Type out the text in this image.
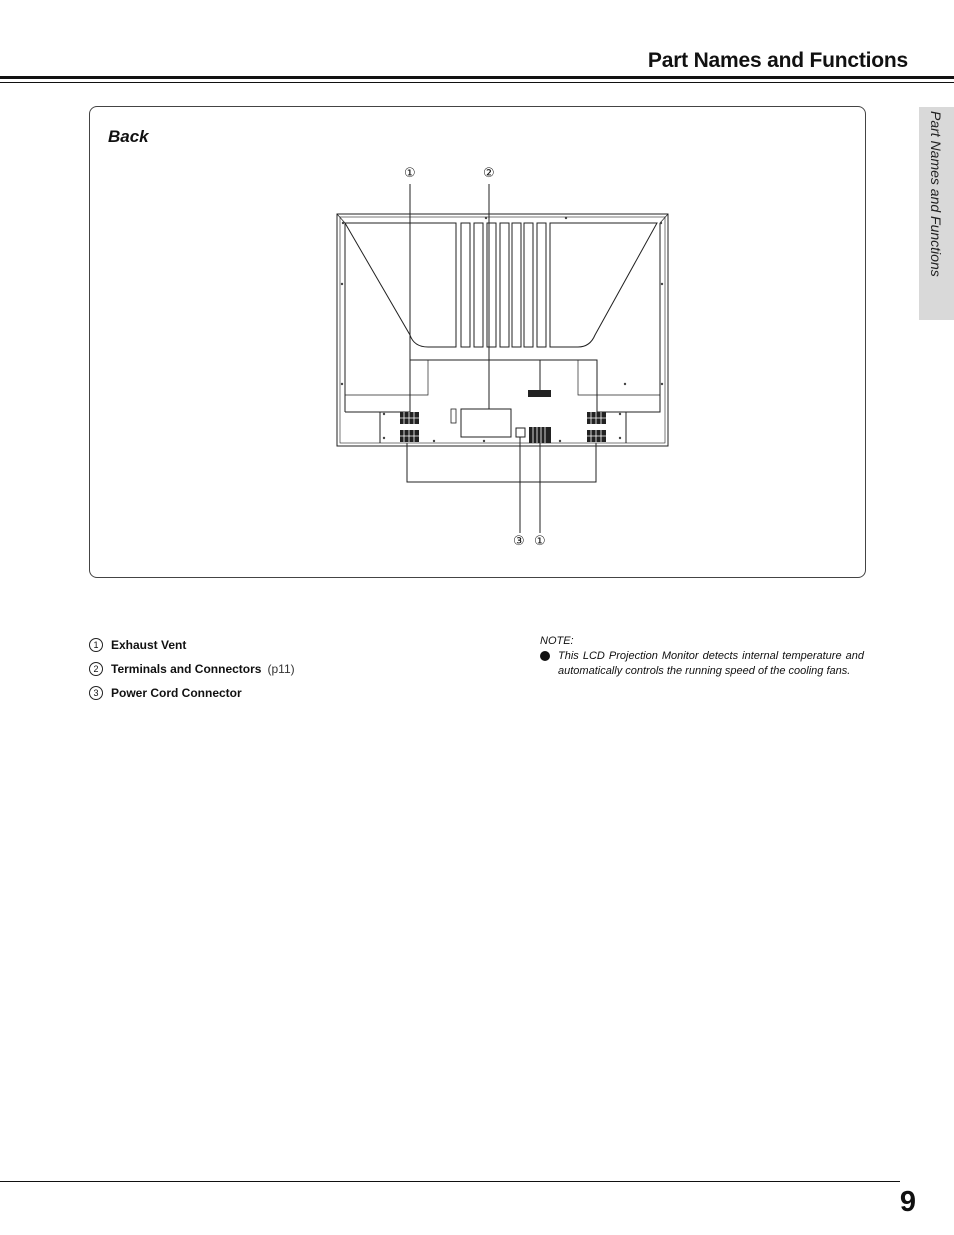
Part Names and Functions
Part Names and Functions
Back
①	②
③ ①
1 Exhaust Vent
2 Terminals and Connectors (p11)
3 Power Cord Connector
NOTE:
This LCD Projection Monitor detects internal temperature and automatically controls the running speed of the cooling fans.
9
